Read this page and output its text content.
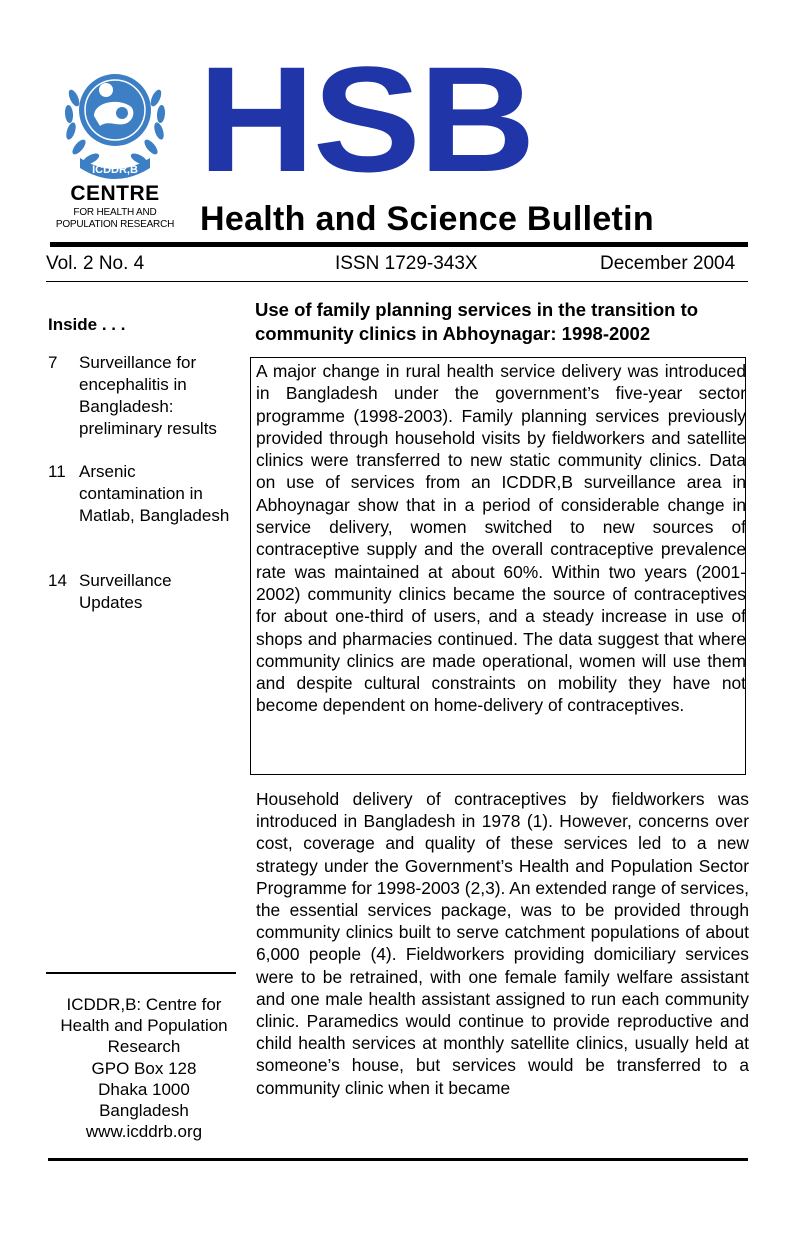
ICDDR,B
CENTRE
FOR HEALTH AND POPULATION RESEARCH
HSB
Health and Science Bulletin
Vol. 2 No. 4	ISSN 1729-343X	December 2004
Inside . . .
7 Surveillance for encephalitis in Bangladesh: preliminary results
11 Arsenic contamination in Matlab, Bangladesh
14 Surveillance Updates
ICDDR,B: Centre for Health and Population Research
GPO Box 128
Dhaka 1000
Bangladesh
www.icddrb.org
Use of family planning services in the transition to community clinics in Abhoynagar: 1998-2002
A major change in rural health service delivery was introduced in Bangladesh under the government’s five-year sector programme (1998-2003). Family planning services previously provided through household visits by fieldworkers and satellite clinics were transferred to new static community clinics. Data on use of services from an ICDDR,B surveillance area in Abhoynagar show that in a period of considerable change in service delivery, women switched to new sources of contraceptive supply and the overall contraceptive prevalence rate was maintained at about 60%. Within two years (2001-2002) community clinics became the source of contraceptives for about one-third of users, and a steady increase in use of shops and pharmacies continued. The data suggest that where community clinics are made operational, women will use them and despite cultural constraints on mobility they have not become dependent on home-delivery of contraceptives.
Household delivery of contraceptives by fieldworkers was introduced in Bangladesh in 1978 (1). However, concerns over cost, coverage and quality of these services led to a new strategy under the Government’s Health and Population Sector Programme for 1998-2003 (2,3). An extended range of services, the essential services package, was to be provided through community clinics built to serve catchment populations of about 6,000 people (4). Fieldworkers providing domiciliary services were to be retrained, with one female family welfare assistant and one male health assistant assigned to run each community clinic. Paramedics would continue to provide reproductive and child health services at monthly satellite clinics, usually held at someone’s house, but services would be transferred to a community clinic when it became
